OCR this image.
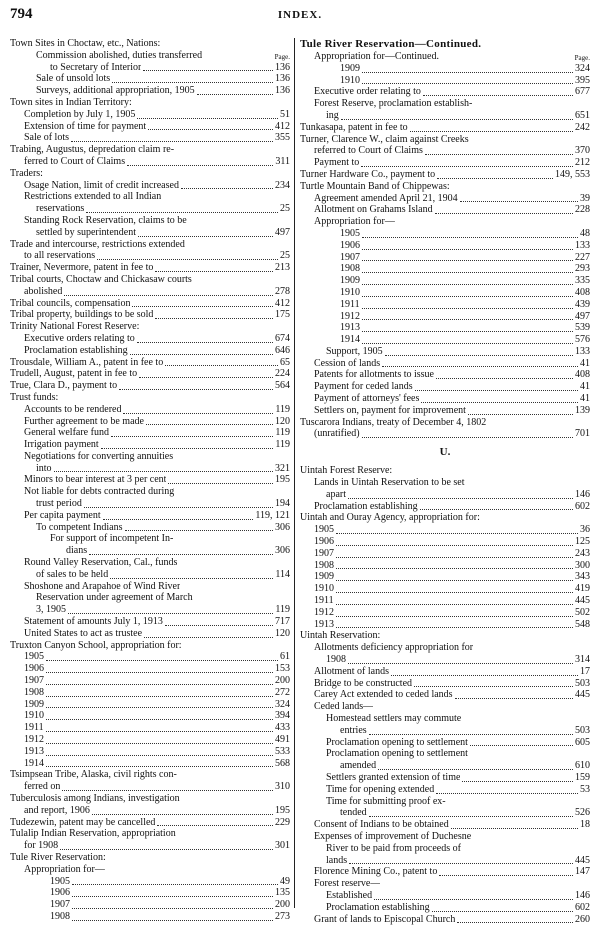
794	INDEX.
Town Sites in Choctaw, etc., Nations:
Commission abolished, duties transferred	Page.
to Secretary of Interior	136
Sale of unsold lots	136
Surveys, additional appropriation, 1905	136
Town sites in Indian Territory:
Completion by July 1, 1905	51
Extension of time for payment	412
Sale of lots	355
Trabing, Augustus, depredation claim re-
ferred to Court of Claims	311
Traders:
Osage Nation, limit of credit increased	234
Restrictions extended to all Indian
reservations	25
Standing Rock Reservation, claims to be
settled by superintendent	497
Trade and intercourse, restrictions extended
to all reservations	25
Trainer, Nevermore, patent in fee to	213
Tribal courts, Choctaw and Chickasaw courts
abolished	278
Tribal councils, compensation	412
Tribal property, buildings to be sold	175
Trinity National Forest Reserve:
Executive orders relating to	674
Proclamation establishing	646
Trousdale, William A., patent in fee to	65
Trudell, August, patent in fee to	224
True, Clara D., payment to	564
Trust funds:
Accounts to be rendered	119
Further agreement to be made	120
General welfare fund	119
Irrigation payment	119
Negotiations for converting annuities
into	321
Minors to bear interest at 3 per cent	195
Not liable for debts contracted during
trust period	194
Per capita payment	119, 121
To competent Indians	306
For support of incompetent In-
dians	306
Round Valley Reservation, Cal., funds
of sales to be held	114
Shoshone and Arapahoe of Wind River
Reservation under agreement of March
3, 1905	119
Statement of amounts July 1, 1913	717
United States to act as trustee	120
Truxton Canyon School, appropriation for:
1905	61
1906	153
1907	200
1908	272
1909	324
1910	394
1911	433
1912	491
1913	533
1914	568
Tsimpsean Tribe, Alaska, civil rights con-
ferred on	310
Tuberculosis among Indians, investigation
and report, 1906	195
Tudezewin, patent may be cancelled	229
Tulalip Indian Reservation, appropriation
for 1908	301
Tule River Reservation:
Appropriation for—
1905	49
1906	135
1907	200
1908	273
Tule River Reservation—Continued.
Appropriation for—Continued.	Page.
1909	324
1910	395
Executive order relating to	677
Forest Reserve, proclamation establish-
ing	651
Tunkasapa, patent in fee to	242
Turner, Clarence W., claim against Creeks
referred to Court of Claims	370
Payment to	212
Turner Hardware Co., payment to	149, 553
Turtle Mountain Band of Chippewas:
Agreement amended April 21, 1904	39
Allotment on Grahams Island	228
Appropriation for—
1905	48
1906	133
1907	227
1908	293
1909	335
1910	408
1911	439
1912	497
1913	539
1914	576
Support, 1905	133
Cession of lands	41
Patents for allotments to issue	408
Payment for ceded lands	41
Payment of attorneys' fees	41
Settlers on, payment for improvement	139
Tuscarora Indians, treaty of December 4, 1802
(unratified)	701
U.
Uintah Forest Reserve:
Lands in Uintah Reservation to be set
apart	146
Proclamation establishing	602
Uintah and Ouray Agency, appropriation for:
1905	36
1906	125
1907	243
1908	300
1909	343
1910	419
1911	445
1912	502
1913	548
Uintah Reservation:
Allotments deficiency appropriation for
1908	314
Allotment of lands	17
Bridge to be constructed	503
Carey Act extended to ceded lands	445
Ceded lands—
Homestead settlers may commute
entries	503
Proclamation opening to settlement	605
Proclamation opening to settlement
amended	610
Settlers granted extension of time	159
Time for opening extended	53
Time for submitting proof ex-
tended	526
Consent of Indians to be obtained	18
Expenses of improvement of Duchesne
River to be paid from proceeds of
lands	445
Florence Mining Co., patent to	147
Forest reserve—
Established	146
Proclamation establishing	602
Grant of lands to Episcopal Church	260
